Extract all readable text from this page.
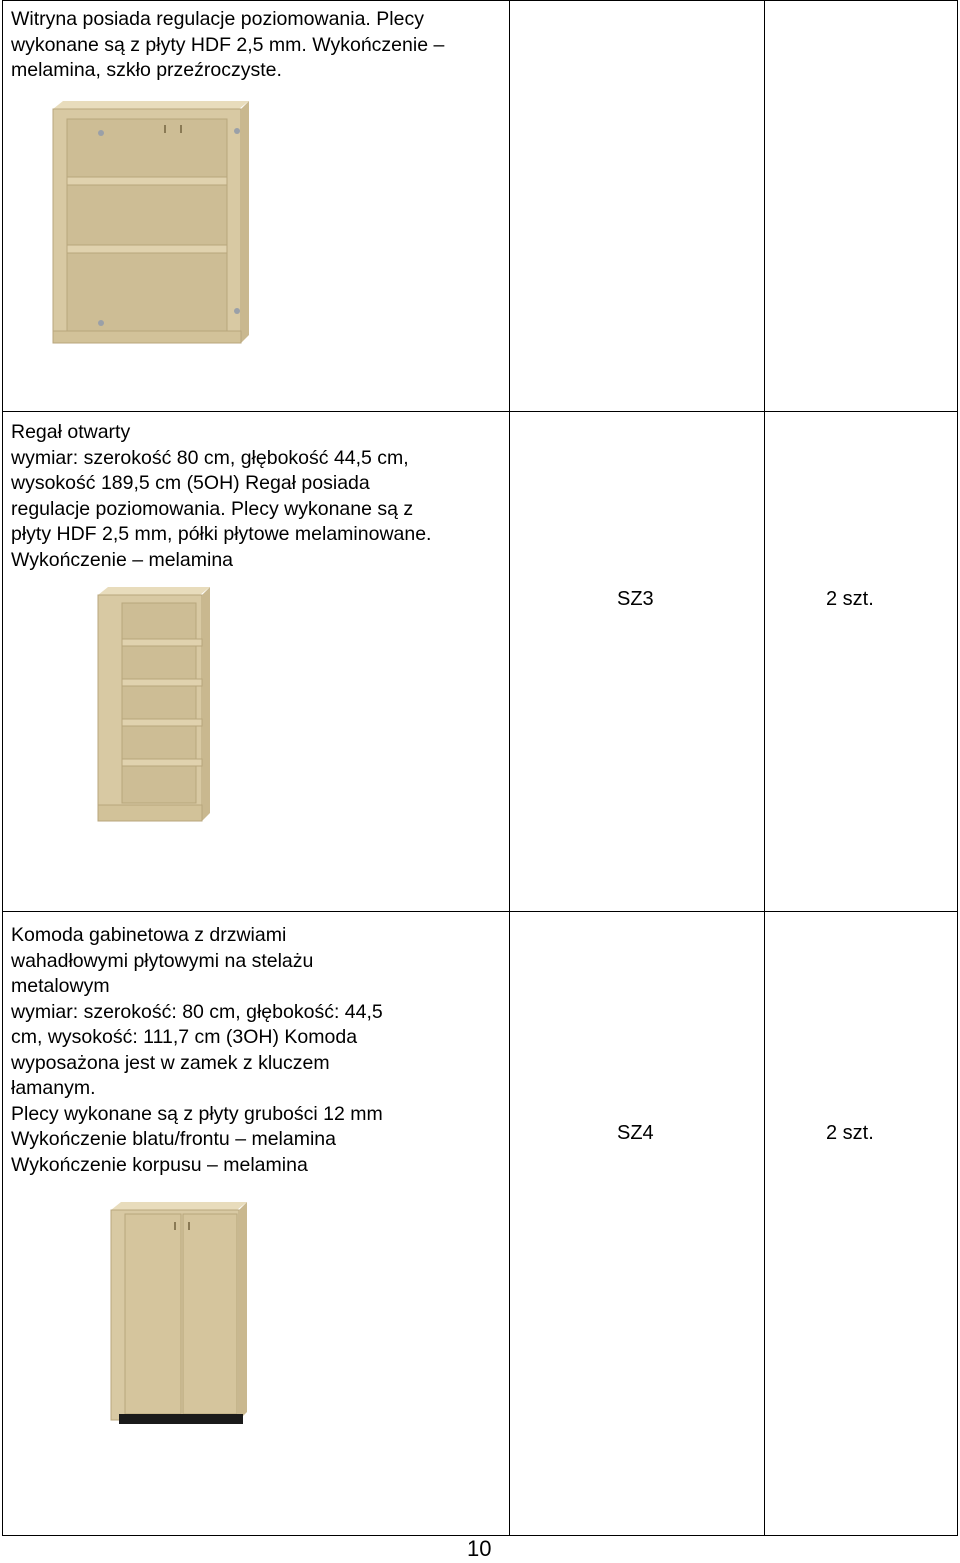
Witryna posiada regulacje poziomowania. Plecy

wykonane są z płyty HDF 2,5 mm. Wykończenie –

melamina, szkło przeźroczyste.

Regał otwarty

wymiar: szerokość 80 cm, głębokość 44,5 cm,

wysokość 189,5 cm (5OH) Regał posiada

regulacje poziomowania. Plecy wykonane są z

płyty HDF 2,5 mm, półki płytowe melaminowane.

Wykończenie – melamina

SZ3	2 szt.

Komoda gabinetowa z drzwiami

wahadłowymi płytowymi na stelażu

metalowym

wymiar: szerokość: 80 cm, głębokość: 44,5

cm, wysokość: 111,7 cm (3OH) Komoda

wyposażona jest w zamek z kluczem

łamanym.

Plecy wykonane są z płyty grubości 12 mm

Wykończenie blatu/frontu – melamina

Wykończenie korpusu – melamina

SZ4	2 szt.
10
